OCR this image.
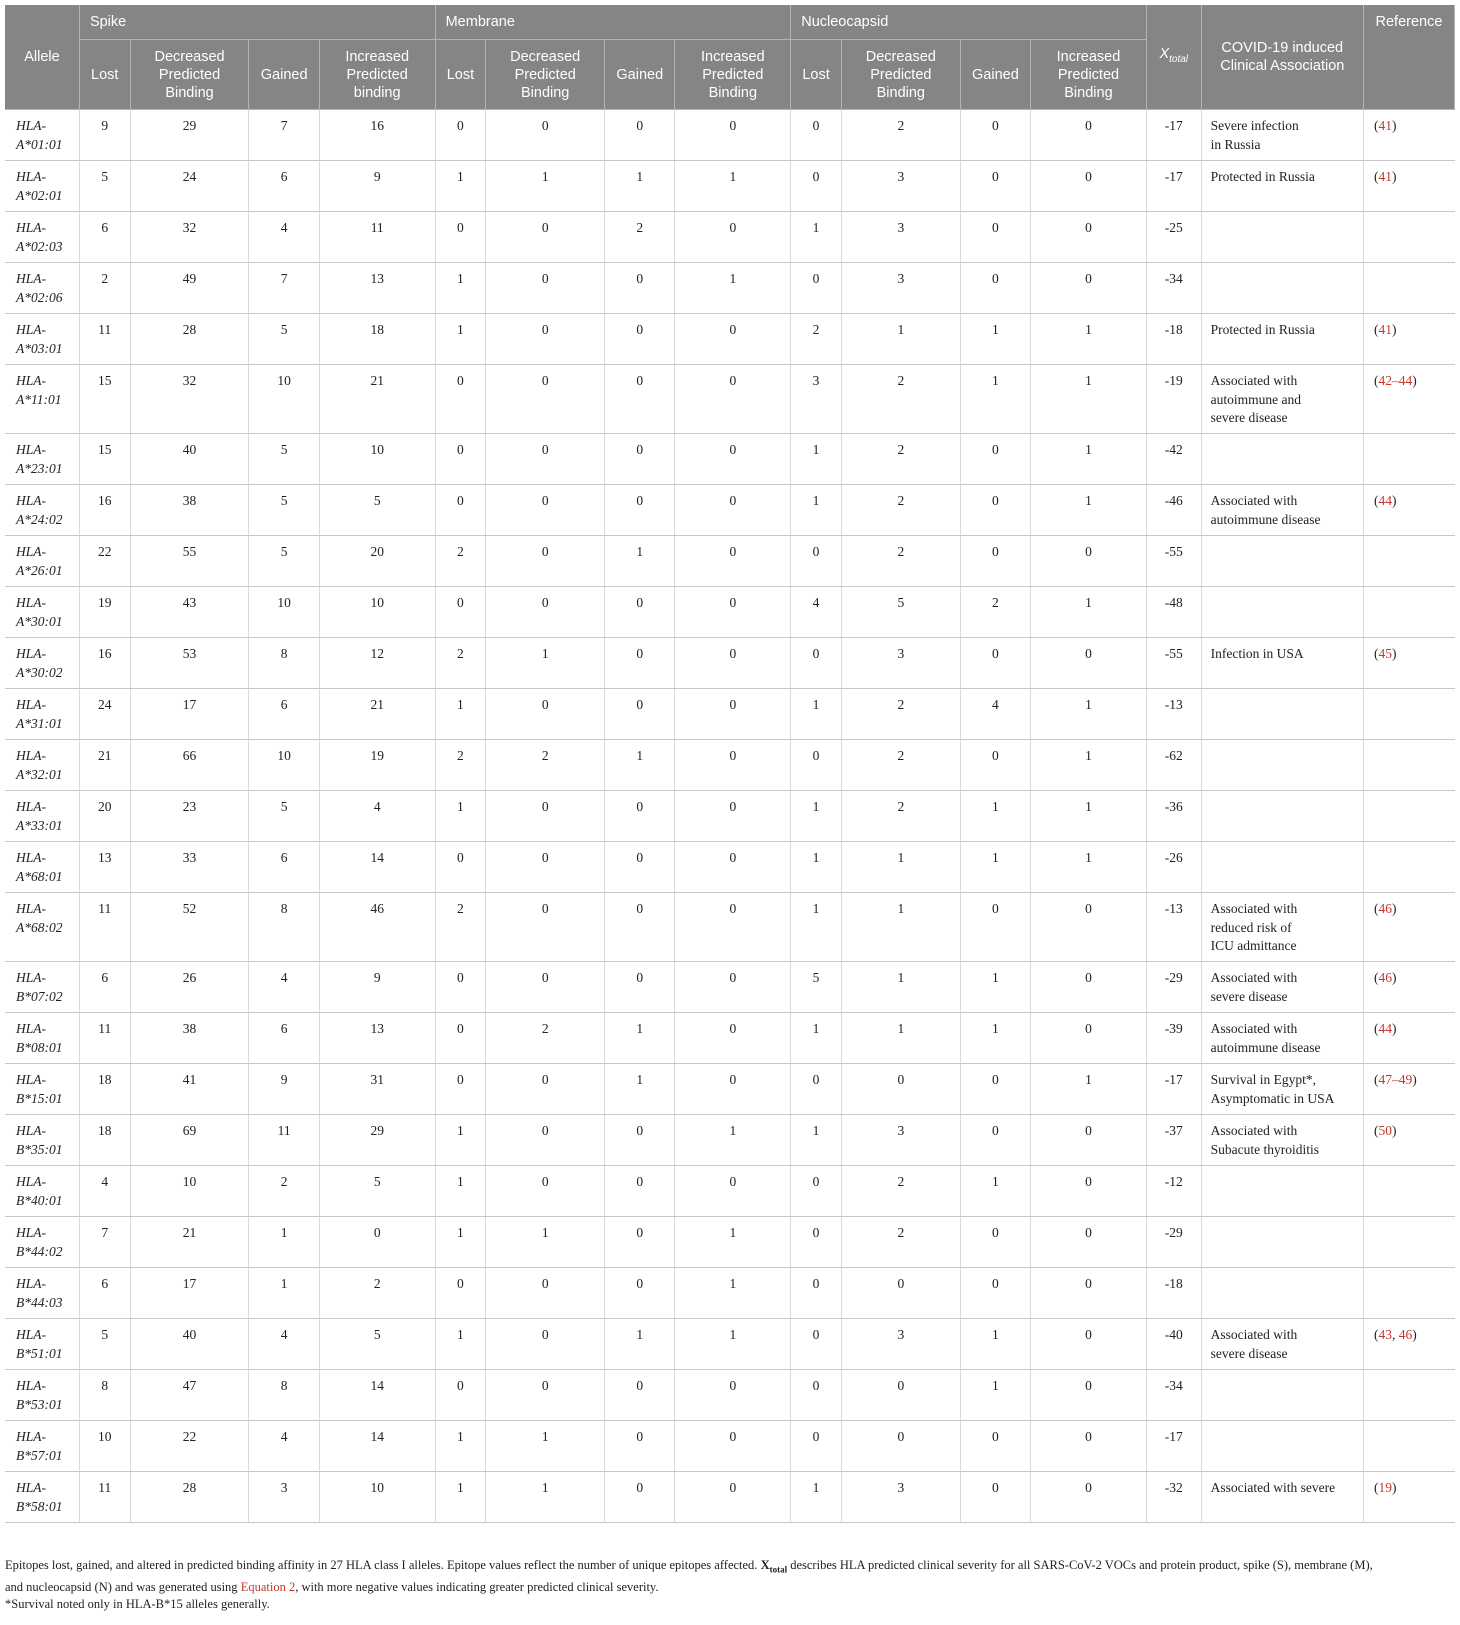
Allele	Spike				Membrane				Nucleocapsid				$X_{total}$	COVID-19 induced Clinical Association	Reference
	Lost	Decreased Predicted Binding	Gained	Increased Predicted binding	Lost	Decreased Predicted Binding	Gained	Increased Predicted Binding	Lost	Decreased Predicted Binding	Gained	Increased Predicted Binding			
HLA-
A*01:01	9	29	7	16	0	0	0	0	0	2	0	0	-17	Severe infection
in Russia	(41)
HLA-
A*02:01	5	24	6	9	1	1	1	1	0	3	0	0	-17	Protected in Russia	(41)
HLA-
A*02:03	6	32	4	11	0	0	2	0	1	3	0	0	-25		
HLA-
A*02:06	2	49	7	13	1	0	0	1	0	3	0	0	-34		
HLA-
A*03:01	11	28	5	18	1	0	0	0	2	1	1	1	-18	Protected in Russia	(41)
HLA-
A*11:01	15	32	10	21	0	0	0	0	3	2	1	1	-19	Associated with
autoimmune and
severe disease	(42–44)
HLA-
A*23:01	15	40	5	10	0	0	0	0	1	2	0	1	-42		
HLA-
A*24:02	16	38	5	5	0	0	0	0	1	2	0	1	-46	Associated with
autoimmune disease	(44)
HLA-
A*26:01	22	55	5	20	2	0	1	0	0	2	0	0	-55		
HLA-
A*30:01	19	43	10	10	0	0	0	0	4	5	2	1	-48		
HLA-
A*30:02	16	53	8	12	2	1	0	0	0	3	0	0	-55	Infection in USA	(45)
HLA-
A*31:01	24	17	6	21	1	0	0	0	1	2	4	1	-13		
HLA-
A*32:01	21	66	10	19	2	2	1	0	0	2	0	1	-62		
HLA-
A*33:01	20	23	5	4	1	0	0	0	1	2	1	1	-36		
HLA-
A*68:01	13	33	6	14	0	0	0	0	1	1	1	1	-26		
HLA-
A*68:02	11	52	8	46	2	0	0	0	1	1	0	0	-13	Associated with
reduced risk of
ICU admittance	(46)
HLA-
B*07:02	6	26	4	9	0	0	0	0	5	1	1	0	-29	Associated with
severe disease	(46)
HLA-
B*08:01	11	38	6	13	0	2	1	0	1	1	1	0	-39	Associated with
autoimmune disease	(44)
HLA-
B*15:01	18	41	9	31	0	0	1	0	0	0	0	1	-17	Survival in Egypt*,
Asymptomatic in USA	(47–49)
HLA-
B*35:01	18	69	11	29	1	0	0	1	1	3	0	0	-37	Associated with
Subacute thyroiditis	(50)
HLA-
B*40:01	4	10	2	5	1	0	0	0	0	2	1	0	-12		
HLA-
B*44:02	7	21	1	0	1	1	0	1	0	2	0	0	-29		
HLA-
B*44:03	6	17	1	2	0	0	0	1	0	0	0	0	-18		
HLA-
B*51:01	5	40	4	5	1	0	1	1	0	3	1	0	-40	Associated with
severe disease	(43, 46)
HLA-
B*53:01	8	47	8	14	0	0	0	0	0	0	1	0	-34		
HLA-
B*57:01	10	22	4	14	1	1	0	0	0	0	0	0	-17		
HLA-
B*58:01	11	28	3	10	1	1	0	0	1	3	0	0	-32	Associated with severe	(19)

Epitopes lost, gained, and altered in predicted binding affinity in 27 HLA class I alleles. Epitope values reflect the number of unique epitopes affected. $X_{total}$ describes HLA predicted clinical severity for all SARS-CoV-2 VOCs and protein product, spike (S), membrane (M),

and nucleocapsid (N) and was generated using Equation 2, with more negative values indicating greater predicted clinical severity.

*Survival noted only in HLA-B*15 alleles generally.
